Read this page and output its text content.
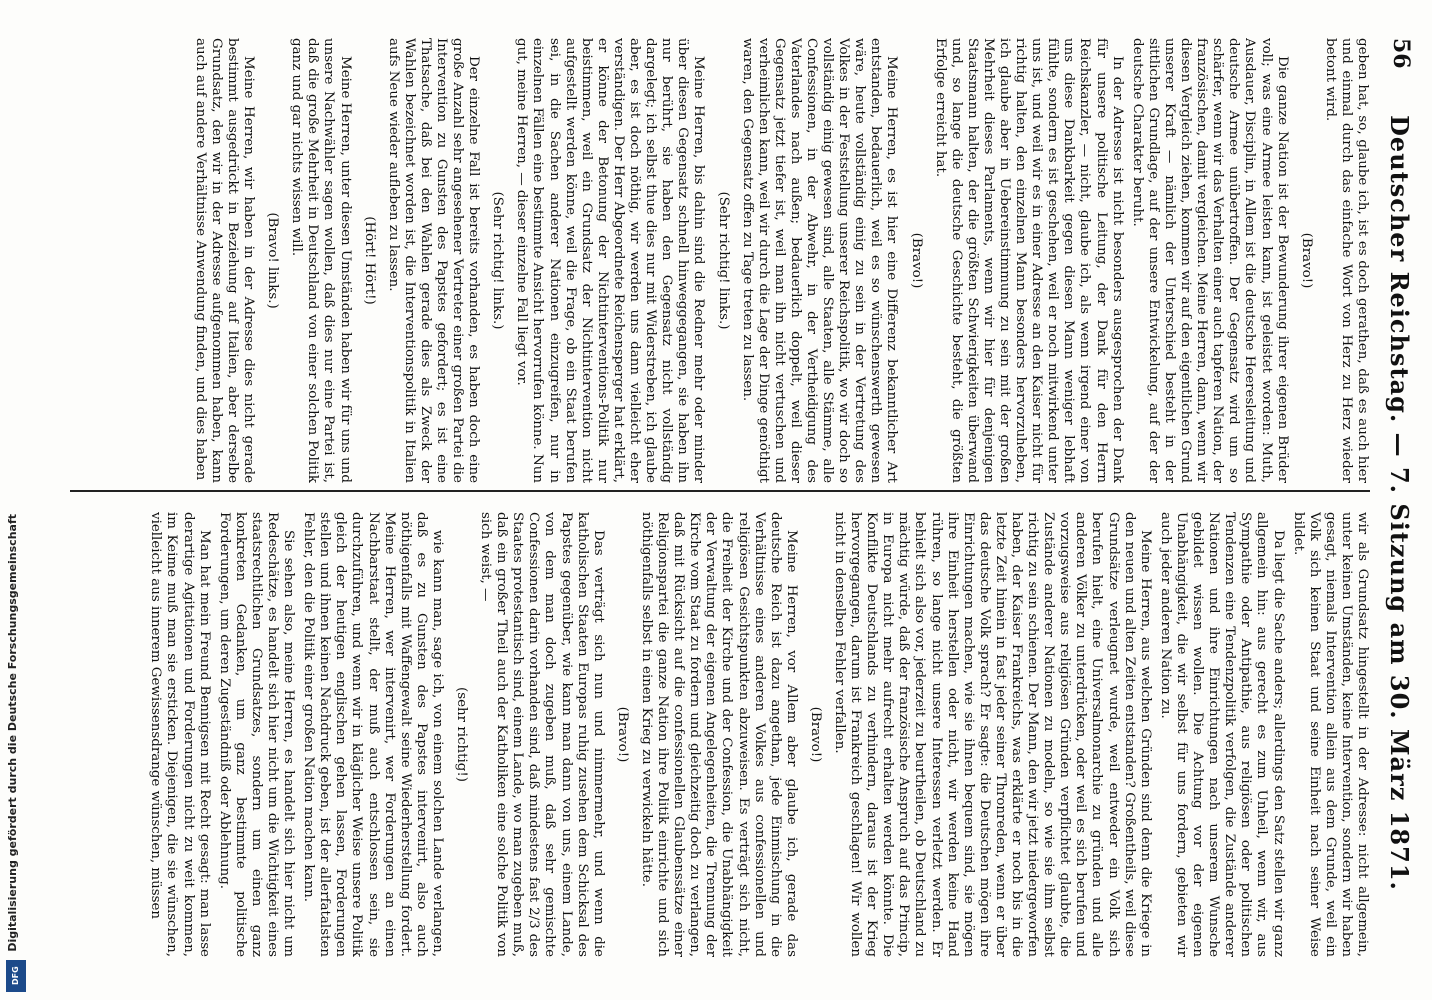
56
Deutscher Reichstag. — 7. Sitzung am 30. März 1871.

geben hat, so, glaube ich, ist es doch gerathen, daß es auch hier und einmal durch das einfache Wort von Herz zu Herz wieder betont wird.

(Bravo!)

Die ganze Nation ist der Bewunderung ihrer eigenen Brüder voll; was eine Armee leisten kann, ist geleistet worden: Muth, Ausdauer, Disciplin, in Allem ist die deutsche Heeresleitung und deutsche Armee unübertroffen. Der Gegensatz wird um so schärfer, wenn wir das Verhalten einer auch tapferen Nation, der französischen, damit vergleichen. Meine Herren, dann, wenn wir diesen Vergleich ziehen, kommen wir auf den eigentlichen Grund unserer Kraft — nämlich der Unterschied besteht in der sittlichen Grundlage, auf der unsere Entwickelung, auf der der deutsche Charakter beruht.

In der Adresse ist nicht besonders ausgesprochen der Dank für unsere politische Leitung, der Dank für den Herrn Reichskanzler, — nicht, glaube ich, als wenn irgend einer von uns diese Dankbarkeit gegen diesen Mann weniger lebhaft fühlte, sondern es ist geschehen, weil er noch mitwirkend unter uns ist, und weil wir es in einer Adresse an den Kaiser nicht für richtig halten, den einzelnen Mann besonders hervorzuheben, ich glaube aber in Uebereinstimmung zu sein mit der großen Mehrheit dieses Parlaments, wenn wir hier für denjenigen Staatsmann halten, der die größten Schwierigkeiten überwand und, so lange die deutsche Geschichte besteht, die größten Erfolge erreicht hat.

(Bravo!)

Meine Herren, es ist hier eine Differenz bekanntlicher Art entstanden, bedauerlich, weil es so wünschenswerth gewesen wäre, heute vollständig einig zu sein in der Vertretung des Volkes in der Feststellung unserer Reichspolitik, wo wir doch so vollständig einig gewesen sind, alle Staaten, alle Stämme, alle Confessionen, in der Abwehr, in der Vertheidigung des Vaterlandes nach außen; bedauerlich doppelt, weil dieser Gegensatz jetzt tiefer ist, weil man ihn nicht vertuschen und verheimlichen kann, weil wir durch die Lage der Dinge genöthigt waren, den Gegensatz offen zu Tage treten zu lassen.

(Sehr richtig! links.)

Meine Herren, bis dahin sind die Redner mehr oder minder über diesen Gegensatz schnell hinweggegangen, sie haben ihn nur berührt, sie haben den Gegensatz nicht vollständig dargelegt; ich selbst thue dies nur mit Widerstreben, ich glaube aber, es ist doch nöthig, wir werden uns dann vielleicht eher verständigen. Der Herr Abgeordnete Reichensperger hat erklärt, er könne der Betonung der Nichtinterventions-Politik nur beistimmen, weil ein Grundsatz der Nichtintervention nicht aufgestellt werden könne, weil die Frage, ob ein Staat berufen sei, in die Sachen anderer Nationen einzugreifen, nur in einzelnen Fällen eine bestimmte Ansicht hervorrufen könne. Nun gut, meine Herren, — dieser einzelne Fall liegt vor.

(Sehr richtig! links.)

Der einzelne Fall ist bereits vorhanden, es haben doch eine große Anzahl sehr angesehener Vertreter einer großen Partei die Intervention zu Gunsten des Papstes gefordert; es ist eine Thatsache, daß bei den Wahlen gerade dies als Zweck der Wahlen bezeichnet worden ist, die Interventionspolitik in Italien aufs Neue wieder aufleben zu lassen.

(Hört! Hört!)

Meine Herren, unter diesen Umständen haben wir für uns und unsere Nachwähler sagen wollen, daß dies nur eine Partei ist, daß die große Mehrheit in Deutschland von einer solchen Politik ganz und gar nichts wissen will.

(Bravo! links.)

Meine Herren, wir haben in der Adresse dies nicht gerade bestimmt ausgedrückt in Beziehung auf Italien, aber derselbe Grundsatz, den wir in der Adresse aufgenommen haben, kann auch auf andere Verhältnisse Anwendung finden, und dies haben

wir als Grundsatz hingestellt in der Adresse: nicht allgemein, unter keinen Umständen, keine Intervention, sondern wir haben gesagt, niemals Intervention allein aus dem Grunde, weil ein Volk sich keinen Staat und seine Einheit nach seiner Weise bildet.

Da liegt die Sache anders; allerdings den Satz stellen wir ganz allgemein hin: aus gerecht es zum Unheil, wenn wir, aus Sympathie oder Antipathie, aus religiösen oder politischen Tendenzen eine Tendenzpolitik verfolgen, die Zustände anderer Nationen und ihre Einrichtungen nach unserem Wunsche gebildet wissen wollen. Die Achtung vor der eigenen Unabhängigkeit, die wir selbst für uns fordern, gebieten wir auch jeder anderen Nation zu.

Meine Herren, aus welchen Gründen sind denn die Kriege in den neuen und alten Zeiten entstanden? Großentheils, weil diese Grundsätze verleugnet wurde, weil entweder ein Volk sich berufen hielt, eine Universalmonarchie zu gründen und alle anderen Völker zu unterdrücken, oder weil es sich berufen und vorzugsweise aus religiösen Gründen verpflichtet glaubte, die Zustände anderer Nationen zu modeln, so wie sie ihm selbst richtig zu sein schienen. Der Mann, den wir jetzt niedergeworfen haben, der Kaiser Frankreichs, was erklärte er noch bis in die letzte Zeit hinein in fast jeder seiner Thronreden, wenn er über das deutsche Volk sprach? Er sagte: die Deutschen mögen ihre Einrichtungen machen, wie sie ihnen bequem sind, sie mögen ihre Einheit herstellen oder nicht, wir werden keine Hand rühren, so lange nicht unsere Interessen verletzt werden. Er behielt sich also vor, jederzeit zu beurtheilen, ob Deutschland zu mächtig würde, daß der französische Anspruch auf das Princip, in Europa nicht mehr aufrecht erhalten werden könnte. Die Konflikte Deutschlands zu verhindern, daraus ist der Krieg hervorgegangen, darum ist Frankreich geschlagen! Wir wollen nicht in denselben Fehler verfallen.

(Bravo!)

Meine Herren, vor Allem aber glaube ich, gerade das deutsche Reich ist dazu angethan, jede Einmischung in die Verhältnisse eines anderen Volkes aus confessionellen und religiösen Gesichtspunkten abzuweisen. Es verträgt sich nicht, die Freiheit der Kirche und der Confession, die Unabhängigkeit der Verwaltung der eigenen Angelegenheiten, die Trennung der Kirche vom Staat zu fordern und gleichzeitig doch zu verlangen, daß mit Rücksicht auf die confessionellen Glaubenssätze einer Religionspartei die ganze Nation ihre Politik einrichte und sich nöthigenfalls selbst in einen Krieg zu verwickeln hätte.

(Bravo!)

Das verträgt sich nun und nimmermehr, und wenn die katholischen Staaten Europas ruhig zusehen dem Schicksal des Papstes gegenüber, wie kann man dann von uns, einem Lande, von dem man doch zugeben muß, daß sehr gemischte Confessionen darin vorhanden sind, daß mindestens fast 2/3 des Staates protestantisch sind, einem Lande, wo man zugeben muß, daß ein großer Theil auch der Katholiken eine solche Politik von sich weist, —

(sehr richtig!)

wie kann man, sage ich, von einem solchen Lande verlangen, daß es zu Gunsten des Papstes intervenirt, also auch nöthigenfalls mit Waffengewalt seine Wiederherstellung fordert. Meine Herren, wer intervenirt, wer Forderungen an einen Nachbarstaat stellt, der muß auch entschlossen sein, sie durchzuführen, und wenn wir in kläglicher Weise unsere Politik gleich der heutigen englischen gehen lassen, Forderungen stellen und ihnen keinen Nachdruck geben, ist der allerfatalsten Fehler, den die Politik einer großen Nation machen kann.

Sie sehen also, meine Herren, es handelt sich hier nicht um Redeschätze, es handelt sich hier nicht um die Wichtigkeit eines staatsrechtlichen Grundsatzes, sondern um einen ganz konkreten Gedanken, um ganz bestimmte politische Forderungen, um deren Zugeständniß oder Ablehnung.

Man hat mein Freund Bennigsen mit Recht gesagt: man lasse derartige Agitationen und Forderungen nicht zu weit kommen, im Keime muß man sie ersticken. Diejenigen, die sie wünschen, vielleicht aus innerem Gewissensdrange wünschen, müssen

Digitalisierung gefördert durch die Deutsche Forschungsgemeinschaft
DFG
